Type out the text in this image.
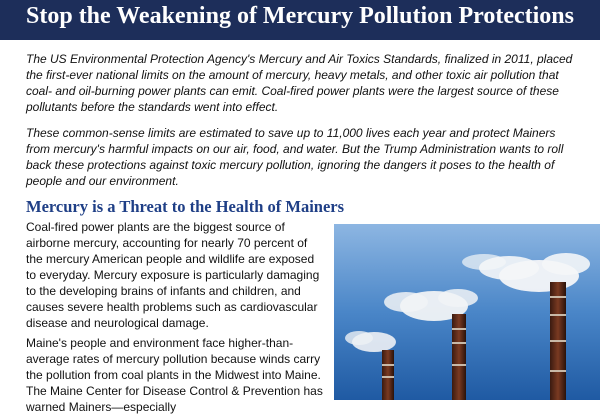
Stop the Weakening of Mercury Pollution Protections

The US Environmental Protection Agency's Mercury and Air Toxics Standards, finalized in 2011, placed the first-ever national limits on the amount of mercury, heavy metals, and other toxic air pollution that coal- and oil-burning power plants can emit. Coal-fired power plants were the largest source of these pollutants before the standards went into effect.

These common-sense limits are estimated to save up to 11,000 lives each year and protect Mainers from mercury's harmful impacts on our air, food, and water. But the Trump Administration wants to roll back these protections against toxic mercury pollution, ignoring the dangers it poses to the health of people and our environment.

Mercury is a Threat to the Health of Mainers

Coal-fired power plants are the biggest source of airborne mercury, accounting for nearly 70 percent of the mercury American people and wildlife are exposed to everyday. Mercury exposure is particularly damaging to the developing brains of infants and children, and causes severe health problems such as cardiovascular disease and neurological damage.

Maine's people and environment face higher-than-average rates of mercury pollution because winds carry the pollution from coal plants in the Midwest into Maine. The Maine Center for Disease Control & Prevention has warned Mainers—especially
